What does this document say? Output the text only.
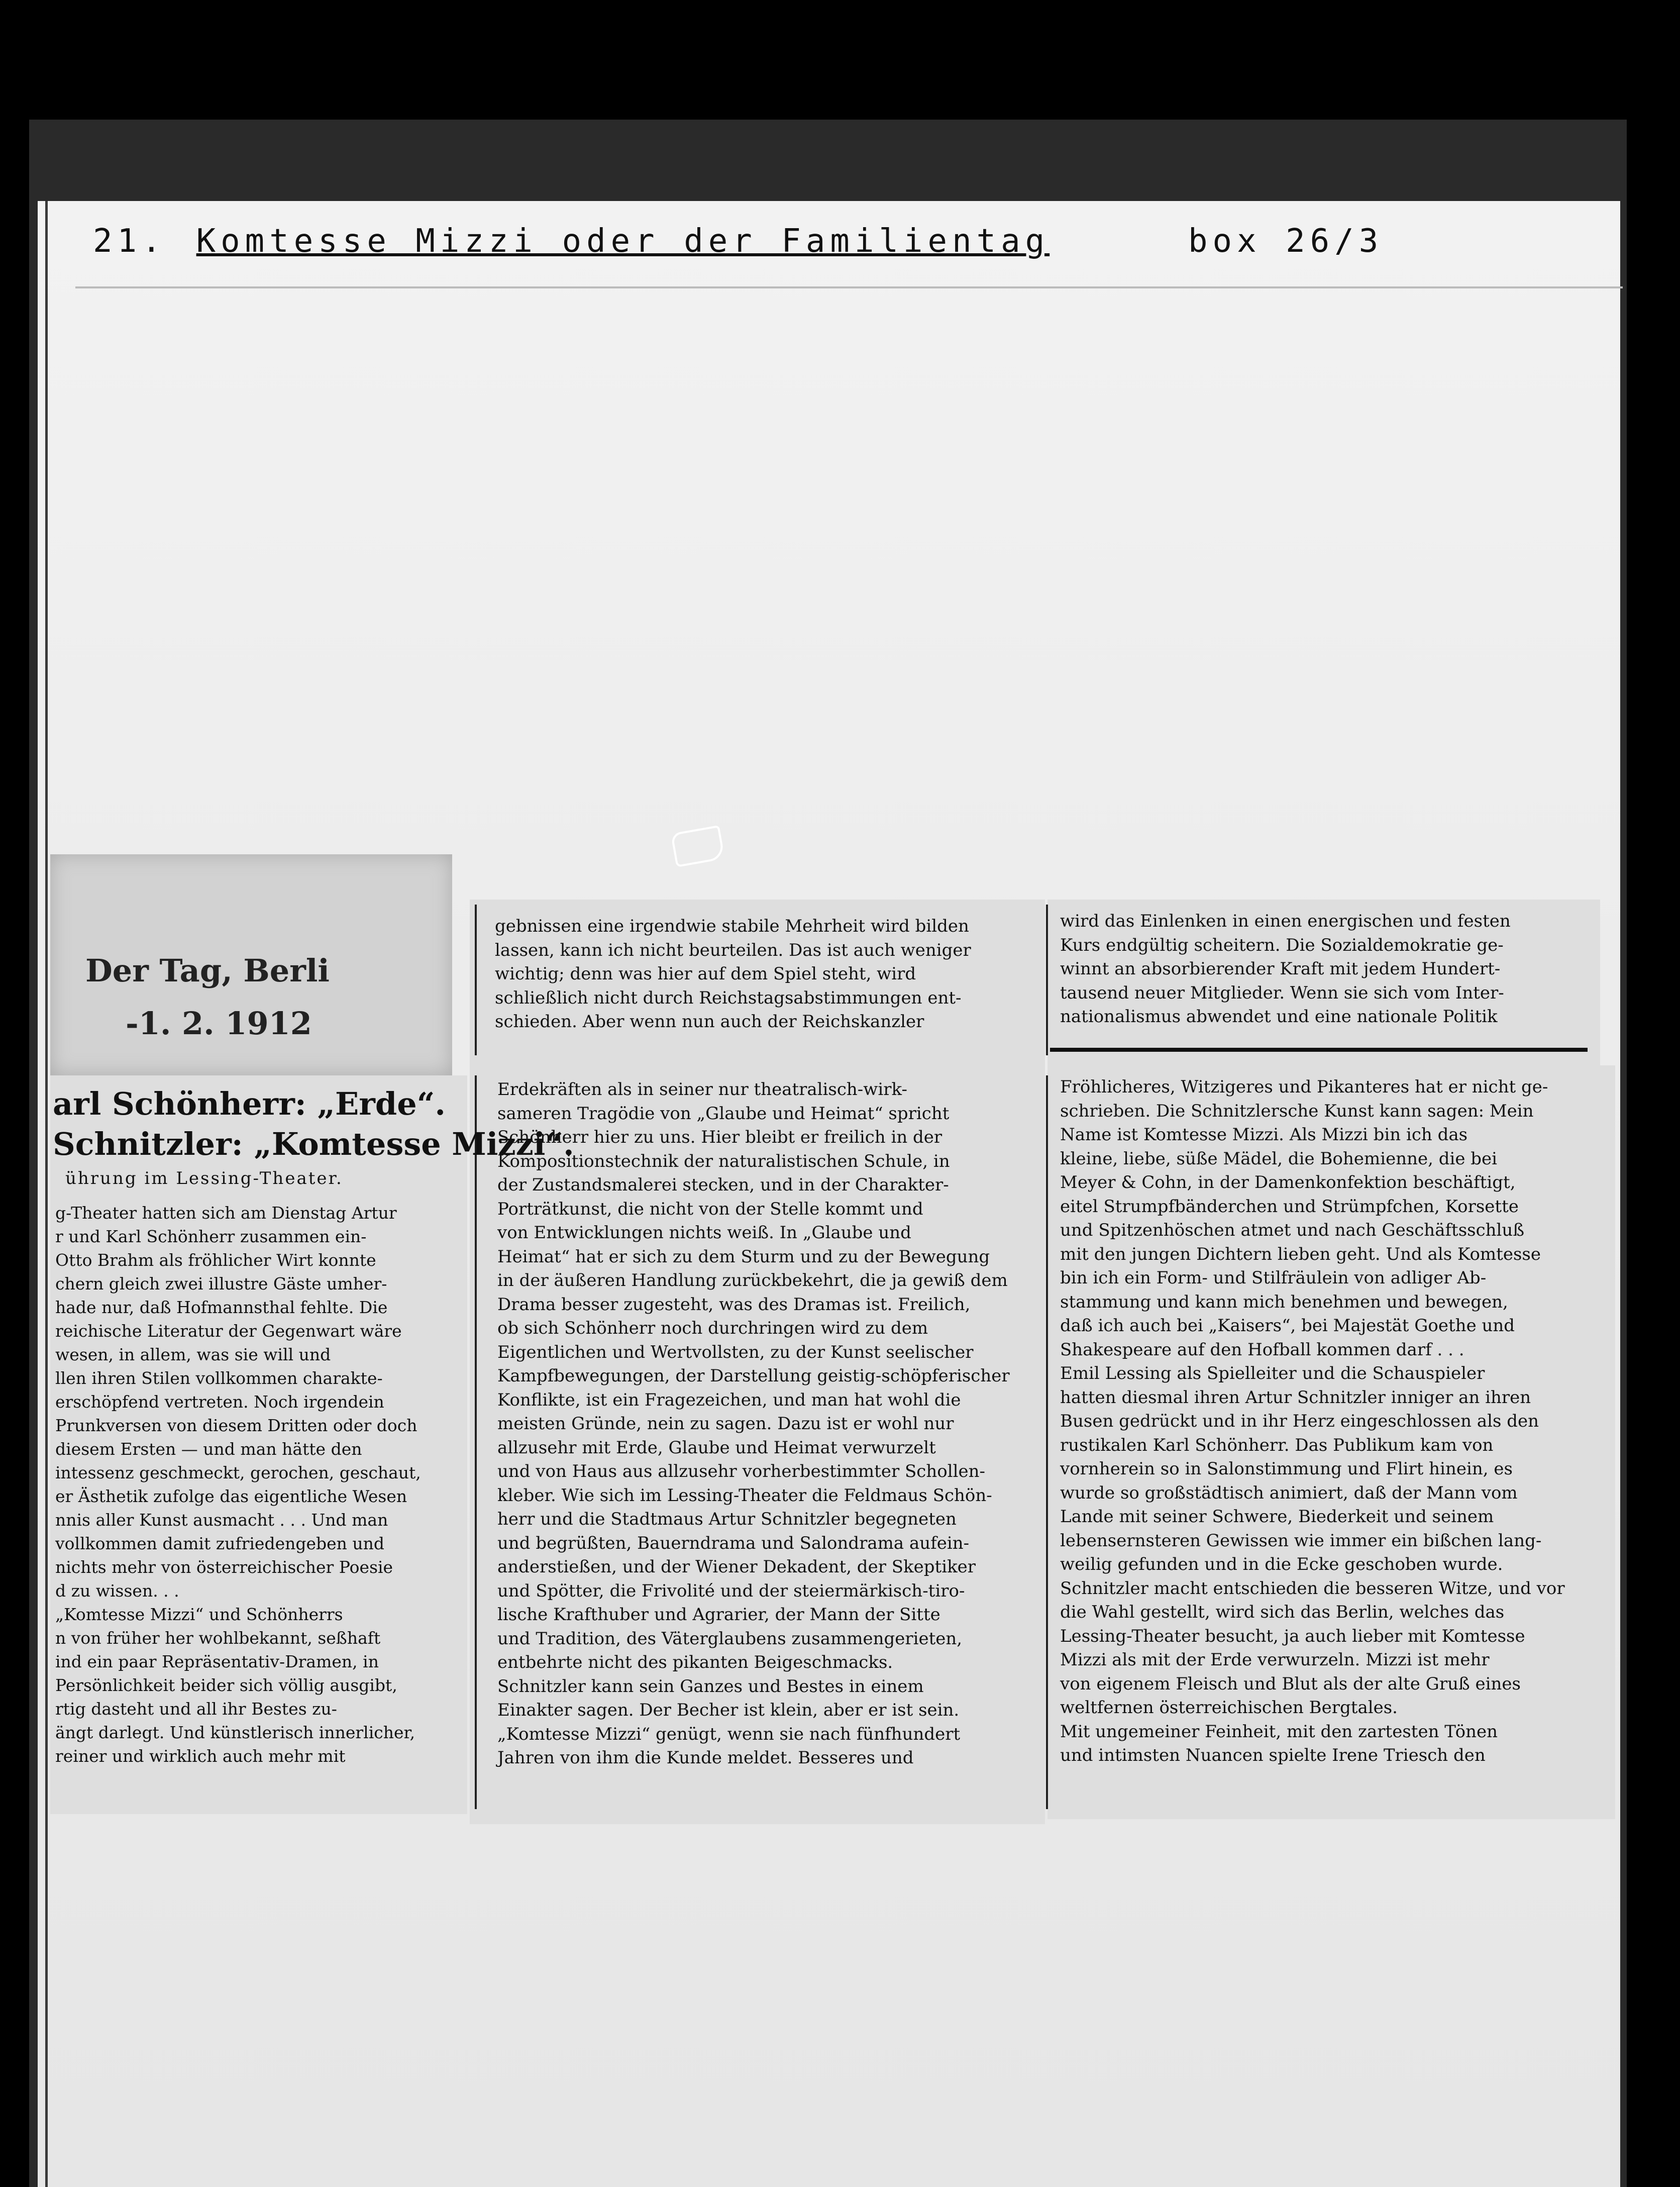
21. Komtesse Mizzi oder der Familientag	box 26/3
Der Tag, Berli
-1. 2. 1912

gebnissen eine irgendwie stabile Mehrheit wird bilden

lassen, kann ich nicht beurteilen. Das ist auch weniger

wichtig; denn was hier auf dem Spiel steht, wird

schließlich nicht durch Reichstagsabstimmungen ent-

schieden. Aber wenn nun auch der Reichskanzler

wird das Einlenken in einen energischen und festen

Kurs endgültig scheitern. Die Sozialdemokratie ge-

winnt an absorbierender Kraft mit jedem Hundert-

tausend neuer Mitglieder. Wenn sie sich vom Inter-

nationalismus abwendet und eine nationale Politik

arl Schönherr: „Erde“.
Schnitzler: „Komtesse Mizzi“.
ührung im Lessing-Theater.

g-Theater hatten sich am Dienstag Artur

r und Karl Schönherr zusammen ein-

Otto Brahm als fröhlicher Wirt konnte

chern gleich zwei illustre Gäste umher-

hade nur, daß Hofmannsthal fehlte. Die

reichische Literatur der Gegenwart wäre

wesen, in allem, was sie will und

llen ihren Stilen vollkommen charakte-

erschöpfend vertreten. Noch irgendein

Prunkversen von diesem Dritten oder doch

diesem Ersten — und man hätte den

intessenz geschmeckt, gerochen, geschaut,

er Ästhetik zufolge das eigentliche Wesen

nnis aller Kunst ausmacht . . . Und man

vollkommen damit zufriedengeben und

nichts mehr von österreichischer Poesie

d zu wissen. . .

„Komtesse Mizzi“ und Schönherrs

n von früher her wohlbekannt, seßhaft

ind ein paar Repräsentativ-Dramen, in

Persönlichkeit beider sich völlig ausgibt,

rtig dasteht und all ihr Bestes zu-

ängt darlegt. Und künstlerisch innerlicher,

reiner und wirklich auch mehr mit

Erdekräften als in seiner nur theatralisch-wirk-

sameren Tragödie von „Glaube und Heimat“ spricht

Schönherr hier zu uns. Hier bleibt er freilich in der

Kompositionstechnik der naturalistischen Schule, in

der Zustandsmalerei stecken, und in der Charakter-

Porträtkunst, die nicht von der Stelle kommt und

von Entwicklungen nichts weiß. In „Glaube und

Heimat“ hat er sich zu dem Sturm und zu der Bewegung

in der äußeren Handlung zurückbekehrt, die ja gewiß dem

Drama besser zugesteht, was des Dramas ist. Freilich,

ob sich Schönherr noch durchringen wird zu dem

Eigentlichen und Wertvollsten, zu der Kunst seelischer

Kampfbewegungen, der Darstellung geistig-schöpferischer

Konflikte, ist ein Fragezeichen, und man hat wohl die

meisten Gründe, nein zu sagen. Dazu ist er wohl nur

allzusehr mit Erde, Glaube und Heimat verwurzelt

und von Haus aus allzusehr vorherbestimmter Schollen-

kleber. Wie sich im Lessing-Theater die Feldmaus Schön-

herr und die Stadtmaus Artur Schnitzler begegneten

und begrüßten, Bauerndrama und Salondrama aufein-

anderstießen, und der Wiener Dekadent, der Skeptiker

und Spötter, die Frivolité und der steiermärkisch-tiro-

lische Krafthuber und Agrarier, der Mann der Sitte

und Tradition, des Väterglaubens zusammengerieten,

entbehrte nicht des pikanten Beigeschmacks.

Schnitzler kann sein Ganzes und Bestes in einem

Einakter sagen. Der Becher ist klein, aber er ist sein.

„Komtesse Mizzi“ genügt, wenn sie nach fünfhundert

Jahren von ihm die Kunde meldet. Besseres und

Fröhlicheres, Witzigeres und Pikanteres hat er nicht ge-

schrieben. Die Schnitzlersche Kunst kann sagen: Mein

Name ist Komtesse Mizzi. Als Mizzi bin ich das

kleine, liebe, süße Mädel, die Bohemienne, die bei

Meyer & Cohn, in der Damenkonfektion beschäftigt,

eitel Strumpfbänderchen und Strümpfchen, Korsette

und Spitzenhöschen atmet und nach Geschäftsschluß

mit den jungen Dichtern lieben geht. Und als Komtesse

bin ich ein Form- und Stilfräulein von adliger Ab-

stammung und kann mich benehmen und bewegen,

daß ich auch bei „Kaisers“, bei Majestät Goethe und

Shakespeare auf den Hofball kommen darf . . .

Emil Lessing als Spielleiter und die Schauspieler

hatten diesmal ihren Artur Schnitzler inniger an ihren

Busen gedrückt und in ihr Herz eingeschlossen als den

rustikalen Karl Schönherr. Das Publikum kam von

vornherein so in Salonstimmung und Flirt hinein, es

wurde so großstädtisch animiert, daß der Mann vom

Lande mit seiner Schwere, Biederkeit und seinem

lebensernsteren Gewissen wie immer ein bißchen lang-

weilig gefunden und in die Ecke geschoben wurde.

Schnitzler macht entschieden die besseren Witze, und vor

die Wahl gestellt, wird sich das Berlin, welches das

Lessing-Theater besucht, ja auch lieber mit Komtesse

Mizzi als mit der Erde verwurzeln. Mizzi ist mehr

von eigenem Fleisch und Blut als der alte Gruß eines

weltfernen österreichischen Bergtales.

Mit ungemeiner Feinheit, mit den zartesten Tönen

und intimsten Nuancen spielte Irene Triesch den
